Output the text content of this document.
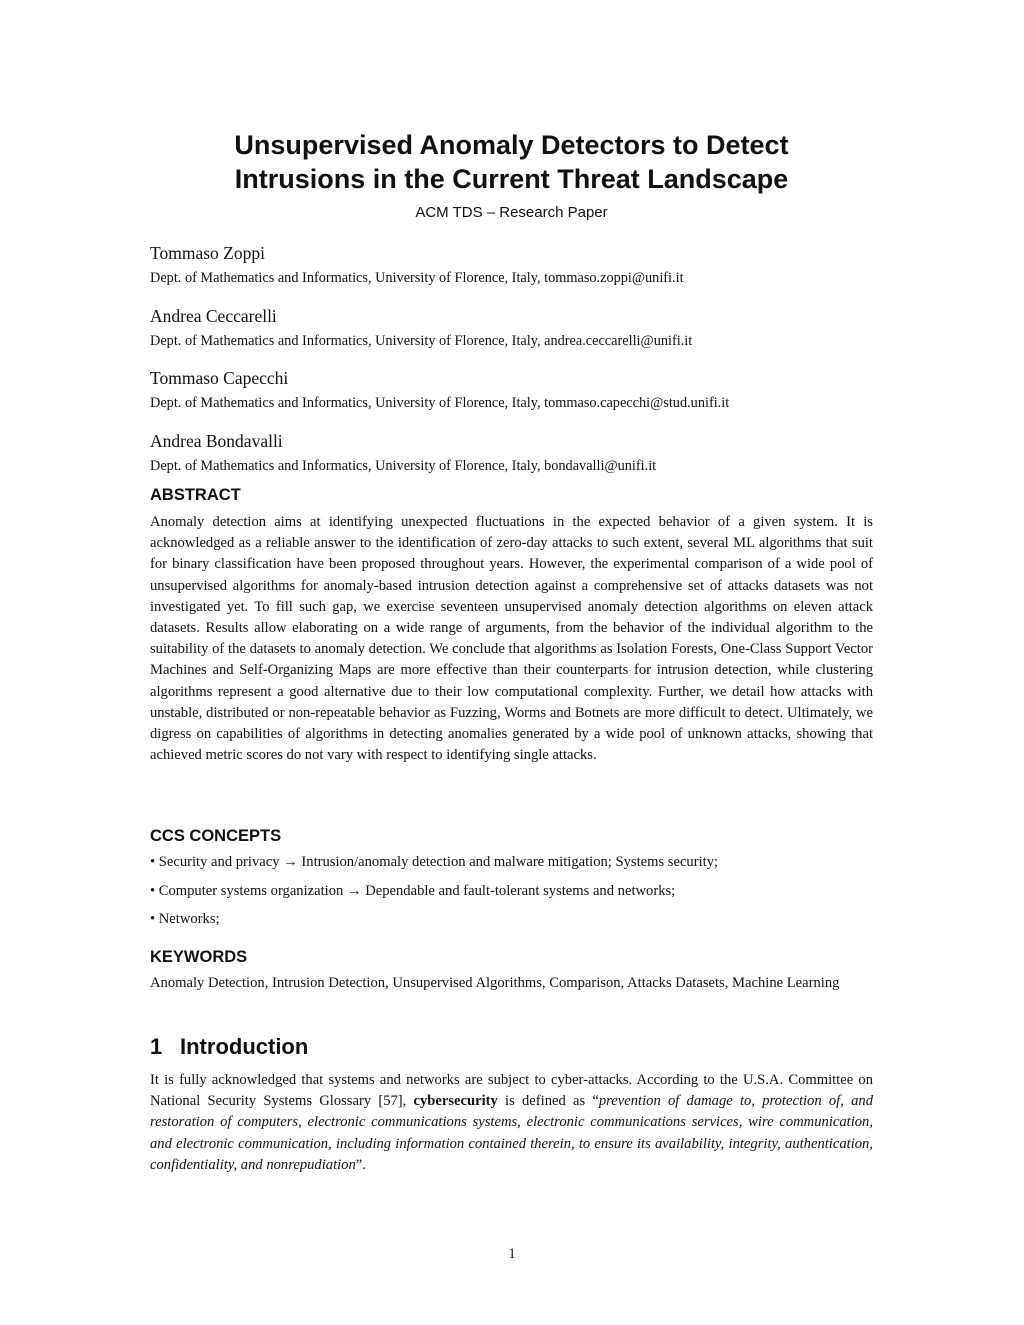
Unsupervised Anomaly Detectors to Detect
Intrusions in the Current Threat Landscape
ACM TDS – Research Paper
Tommaso Zoppi
Dept. of Mathematics and Informatics, University of Florence, Italy, tommaso.zoppi@unifi.it
Andrea Ceccarelli
Dept. of Mathematics and Informatics, University of Florence, Italy, andrea.ceccarelli@unifi.it
Tommaso Capecchi
Dept. of Mathematics and Informatics, University of Florence, Italy, tommaso.capecchi@stud.unifi.it
Andrea Bondavalli
Dept. of Mathematics and Informatics, University of Florence, Italy, bondavalli@unifi.it
ABSTRACT

Anomaly detection aims at identifying unexpected fluctuations in the expected behavior of a given system. It is acknowledged as a reliable answer to the identification of zero-day attacks to such extent, several ML algorithms that suit for binary classification have been proposed throughout years. However, the experimental comparison of a wide pool of unsupervised algorithms for anomaly-based intrusion detection against a comprehensive set of attacks datasets was not investigated yet. To fill such gap, we exercise seventeen unsupervised anomaly detection algorithms on eleven attack datasets. Results allow elaborating on a wide range of arguments, from the behavior of the individual algorithm to the suitability of the datasets to anomaly detection. We conclude that algorithms as Isolation Forests, One-Class Support Vector Machines and Self-Organizing Maps are more effective than their counterparts for intrusion detection, while clustering algorithms represent a good alternative due to their low computational complexity. Further, we detail how attacks with unstable, distributed or non-repeatable behavior as Fuzzing, Worms and Botnets are more difficult to detect. Ultimately, we digress on capabilities of algorithms in detecting anomalies generated by a wide pool of unknown attacks, showing that achieved metric scores do not vary with respect to identifying single attacks.

CCS CONCEPTS
• Security and privacy → Intrusion/anomaly detection and malware mitigation; Systems security;
• Computer systems organization → Dependable and fault-tolerant systems and networks;
• Networks;
KEYWORDS

Anomaly Detection, Intrusion Detection, Unsupervised Algorithms, Comparison, Attacks Datasets, Machine Learning

1 Introduction

It is fully acknowledged that systems and networks are subject to cyber-attacks. According to the U.S.A. Committee on National Security Systems Glossary [57], cybersecurity is defined as “prevention of damage to, protection of, and restoration of computers, electronic communications systems, electronic communications services, wire communication, and electronic communication, including information contained therein, to ensure its availability, integrity, authentication, confidentiality, and nonrepudiation”.

1
